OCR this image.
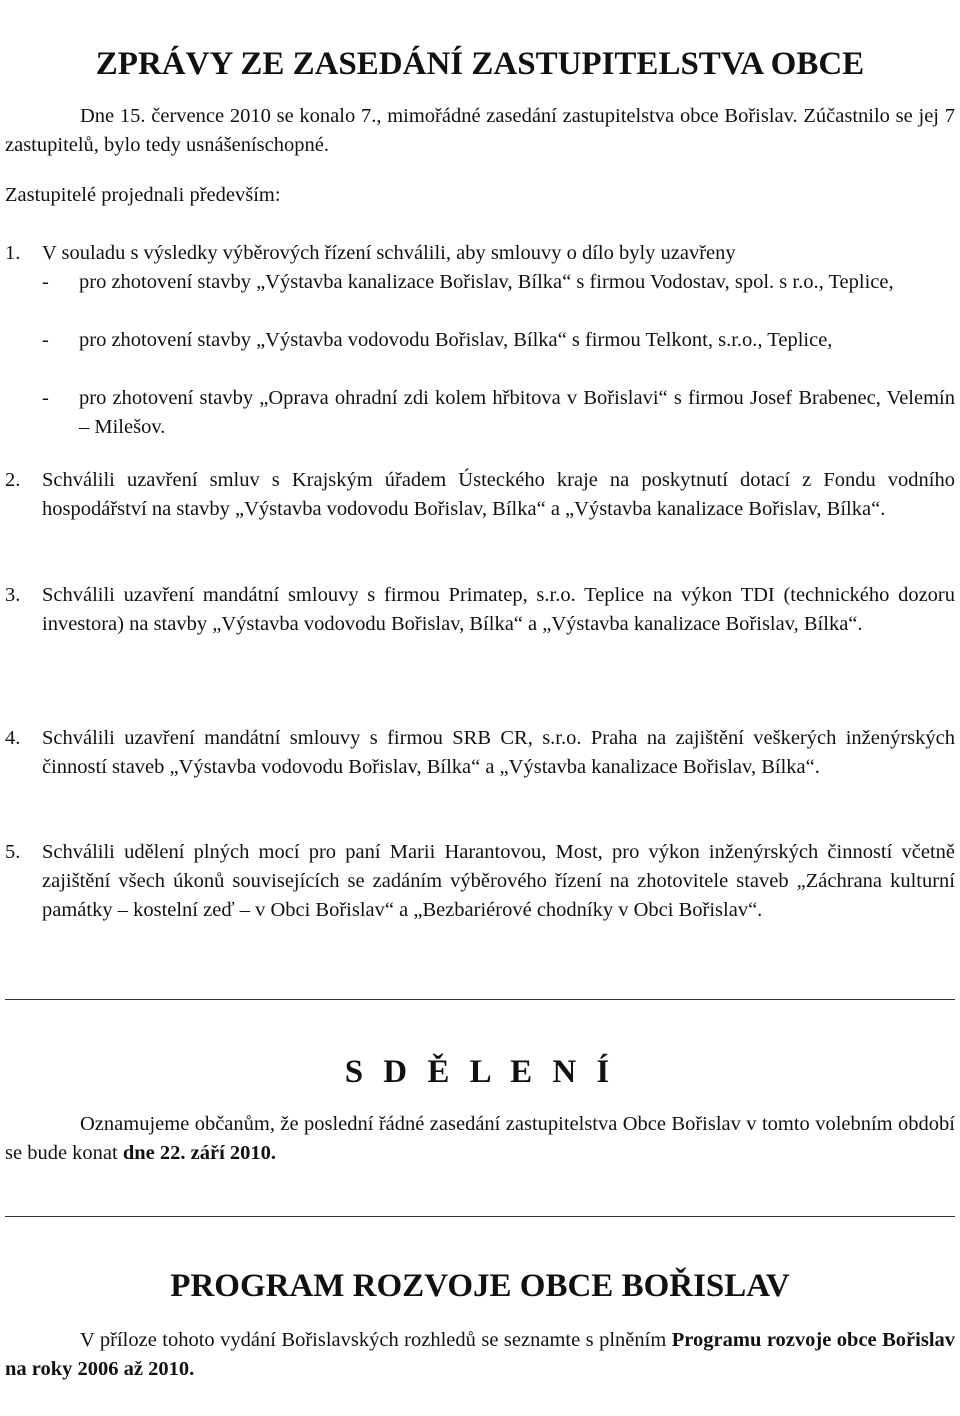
ZPRÁVY ZE ZASEDÁNÍ ZASTUPITELSTVA OBCE

Dne 15. července 2010 se konalo 7., mimořádné zasedání zastupitelstva obce Bořislav. Zúčastnilo se jej 7 zastupitelů, bylo tedy usnášeníschopné.

Zastupitelé projednali především:

1.	V souladu s výsledky výběrových řízení schválili, aby smlouvy o dílo byly uzavřeny

-	pro zhotovení stavby „Výstavba kanalizace Bořislav, Bílka“ s firmou Vodostav, spol. s r.o., Teplice,

-	pro zhotovení stavby „Výstavba vodovodu Bořislav, Bílka“ s firmou Telkont, s.r.o., Teplice,

-	pro zhotovení stavby „Oprava ohradní zdi kolem hřbitova v Bořislavi“ s firmou Josef Brabenec, Velemín – Milešov.

2.	Schválili uzavření smluv s Krajským úřadem Ústeckého kraje na poskytnutí dotací z Fondu vodního hospodářství na stavby „Výstavba vodovodu Bořislav, Bílka“ a „Výstavba kanalizace Bořislav, Bílka“.

3.	Schválili uzavření mandátní smlouvy s firmou Primatep, s.r.o. Teplice na výkon TDI (technického dozoru investora) na stavby „Výstavba vodovodu Bořislav, Bílka“ a „Výstavba kanalizace Bořislav, Bílka“.

4.	Schválili uzavření mandátní smlouvy s firmou SRB CR, s.r.o. Praha na zajištění veškerých inženýrských činností staveb „Výstavba vodovodu Bořislav, Bílka“ a „Výstavba kanalizace Bořislav, Bílka“.

5.	Schválili udělení plných mocí pro paní Marii Harantovou, Most, pro výkon inženýrských činností včetně zajištění všech úkonů souvisejících se zadáním výběrového řízení na zhotovitele staveb „Záchrana kulturní památky – kostelní zeď – v Obci Bořislav“ a „Bezbariérové chodníky v Obci Bořislav“.

S D Ě L E N Í

Oznamujeme občanům, že poslední řádné zasedání zastupitelstva Obce Bořislav v tomto volebním období se bude konat dne 22. září 2010.

PROGRAM ROZVOJE OBCE BOŘISLAV

V příloze tohoto vydání Bořislavských rozhledů se seznamte s plněním Programu rozvoje obce Bořislav na roky 2006 až 2010.
